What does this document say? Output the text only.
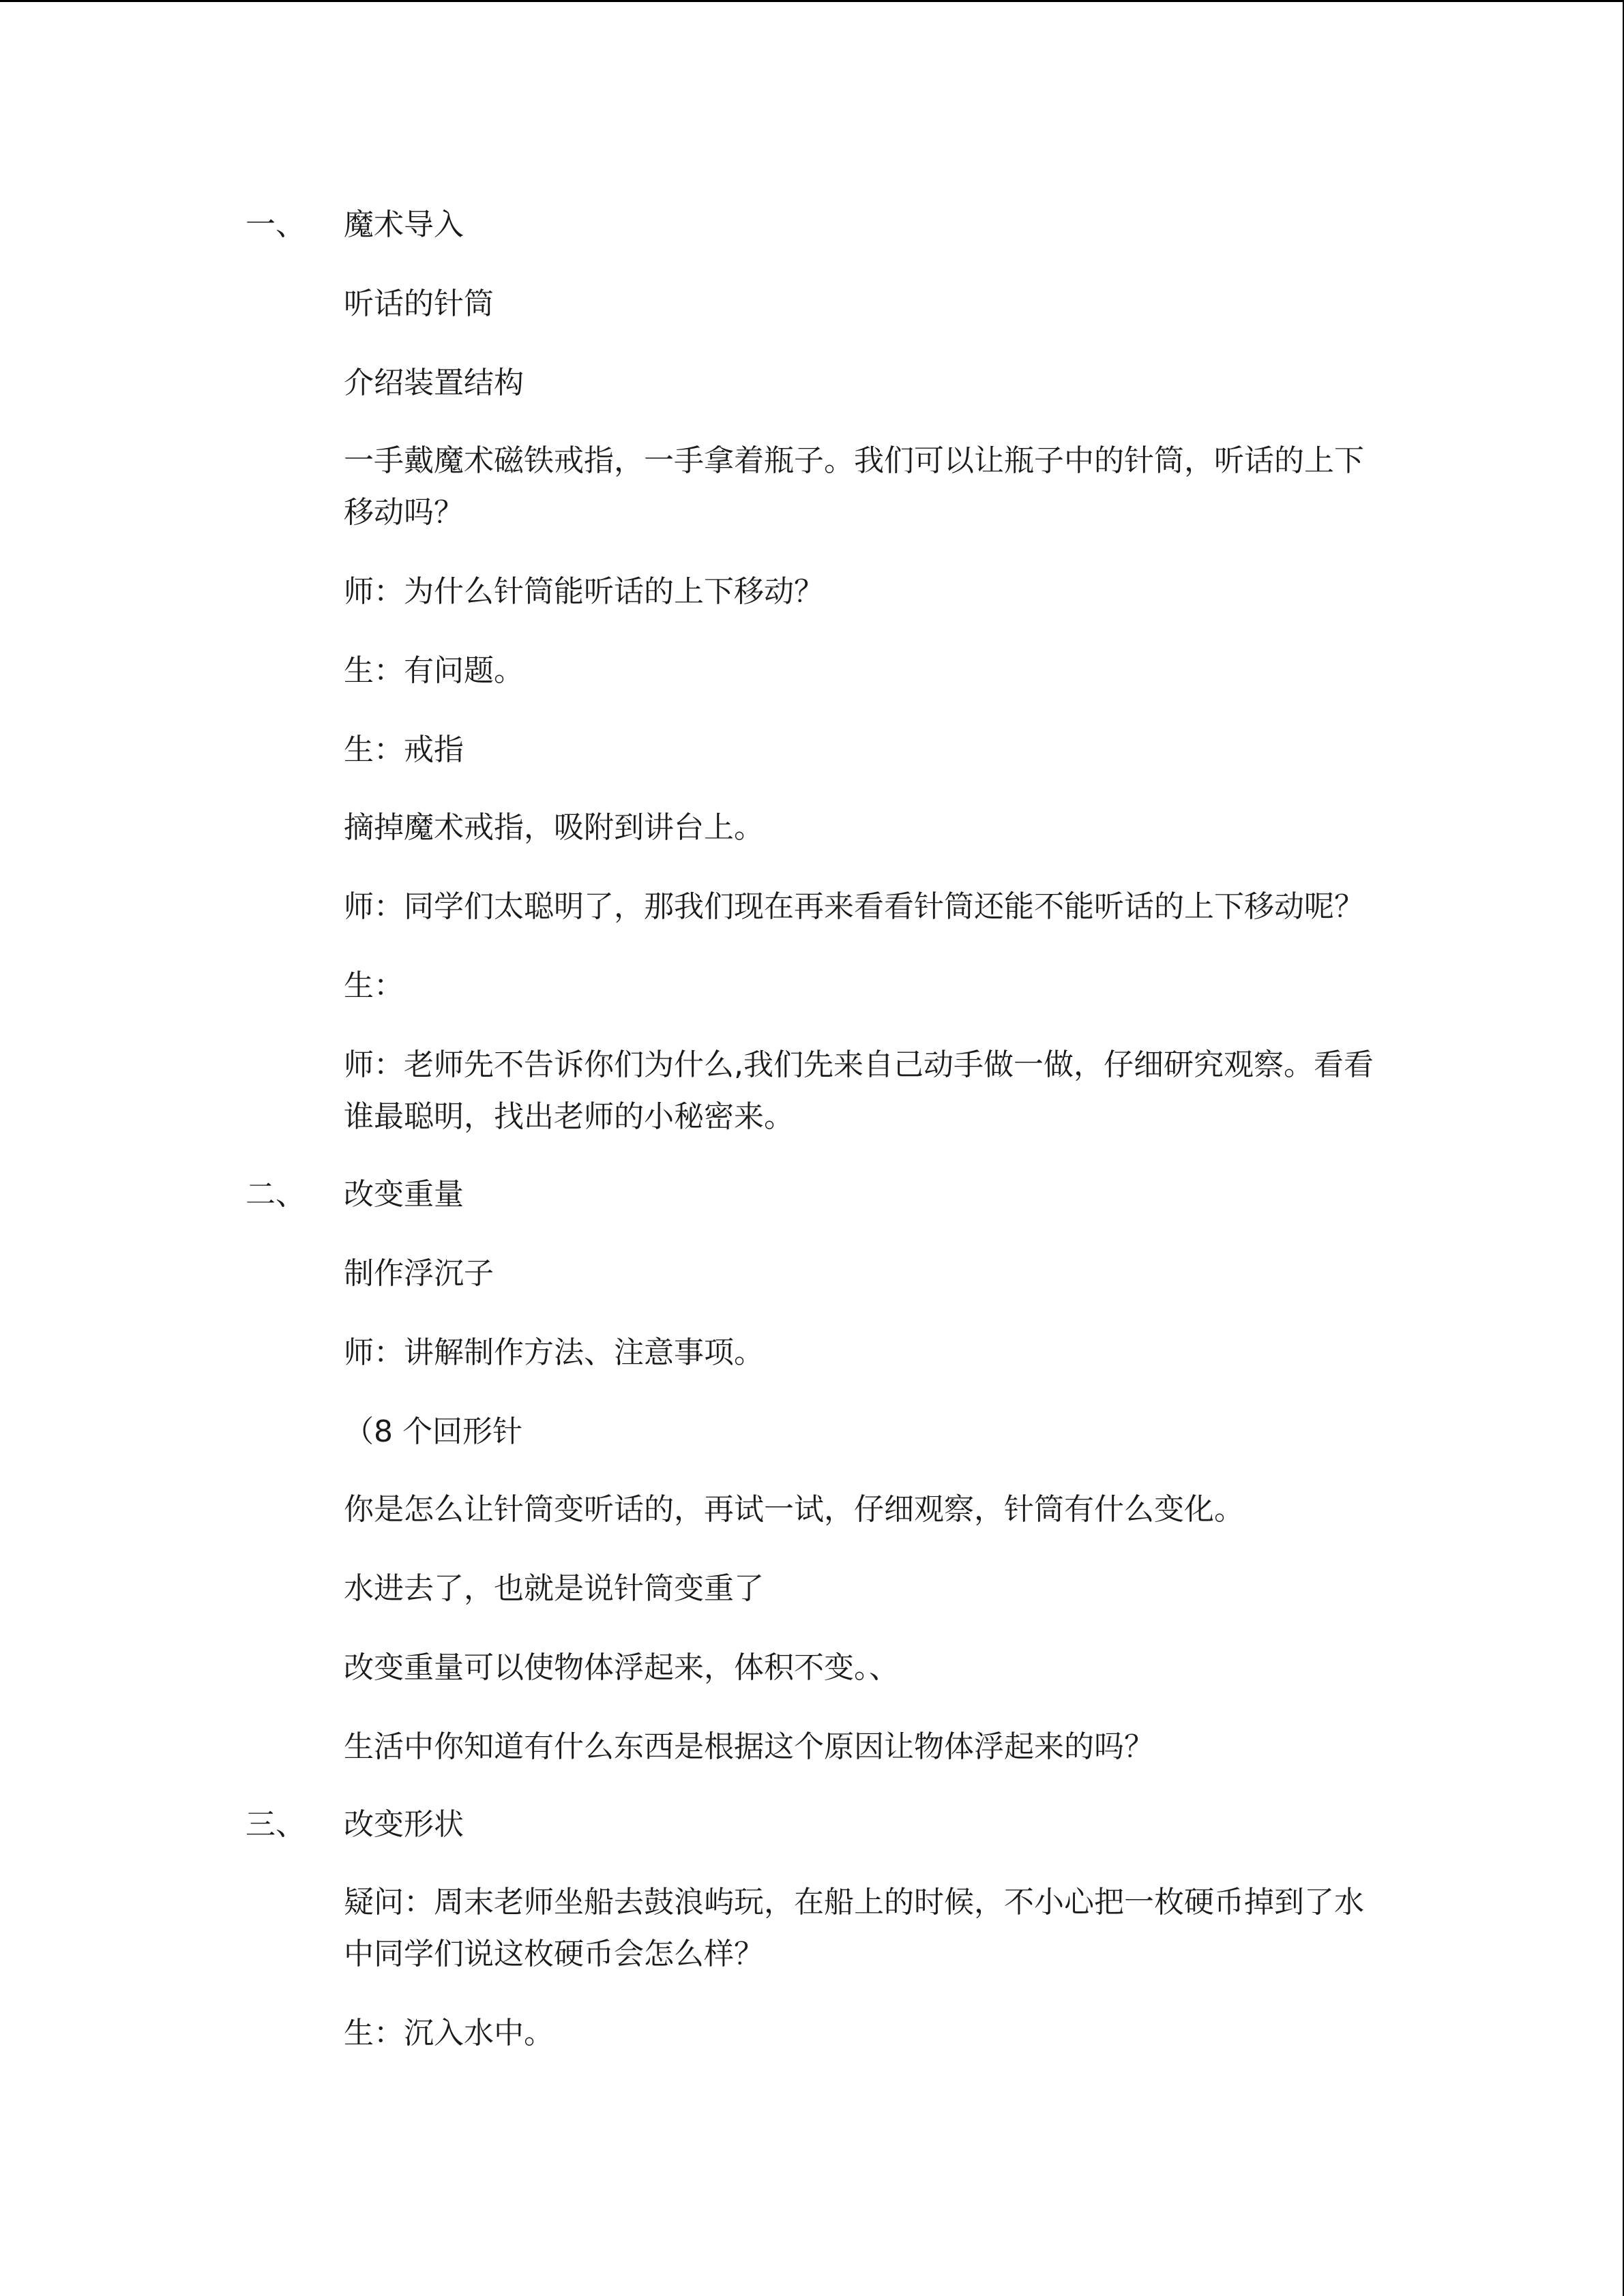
一、 魔术导入
听话的针筒
介绍装置结构
一手戴魔术磁铁戒指，一手拿着瓶子。我们可以让瓶子中的针筒，听话的上下
移动吗？
师：为什么针筒能听话的上下移动？
生：有问题。
生：戒指
摘掉魔术戒指，吸附到讲台上。
师：同学们太聪明了，那我们现在再来看看针筒还能不能听话的上下移动呢？
生：
师：老师先不告诉你们为什么,我们先来自己动手做一做，仔细研究观察。看看
谁最聪明，找出老师的小秘密来。
二、 改变重量
制作浮沉子
师：讲解制作方法、注意事项。
（8 个回形针
你是怎么让针筒变听话的，再试一试，仔细观察，针筒有什么变化。
水进去了，也就是说针筒变重了
改变重量可以使物体浮起来，体积不变。、
生活中你知道有什么东西是根据这个原因让物体浮起来的吗？
三、 改变形状
疑问：周末老师坐船去鼓浪屿玩，在船上的时候，不小心把一枚硬币掉到了水
中同学们说这枚硬币会怎么样？
生：沉入水中。
